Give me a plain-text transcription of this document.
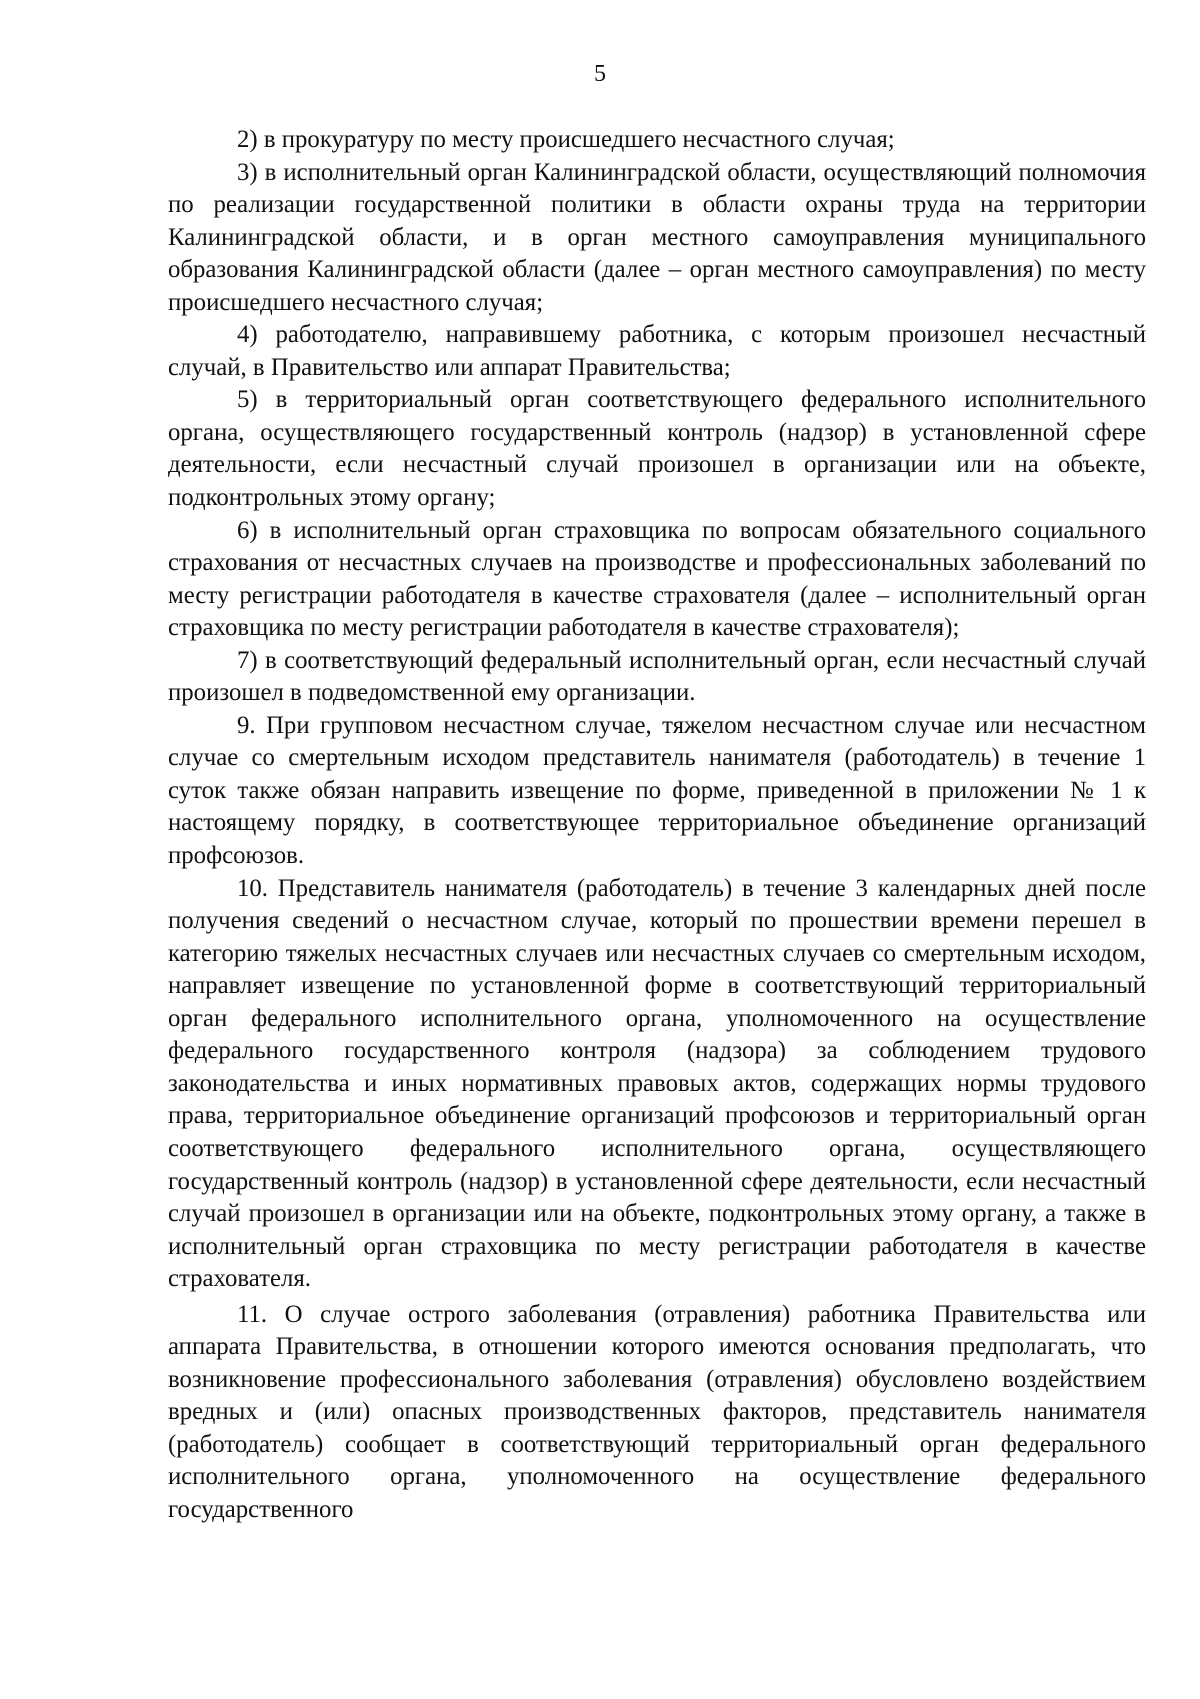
5

2) в прокуратуру по месту происшедшего несчастного случая;

3) в исполнительный орган Калининградской области, осуществляющий полномочия по реализации государственной политики в области охраны труда на территории Калининградской области, и в орган местного самоуправления муниципального образования Калининградской области (далее – орган местного самоуправления) по месту происшедшего несчастного случая;

4) работодателю, направившему работника, с которым произошел несчастный случай, в Правительство или аппарат Правительства;

5) в территориальный орган соответствующего федерального исполнительного органа, осуществляющего государственный контроль (надзор) в установленной сфере деятельности, если несчастный случай произошел в организации или на объекте, подконтрольных этому органу;

6) в исполнительный орган страховщика по вопросам обязательного социального страхования от несчастных случаев на производстве и профессиональных заболеваний по месту регистрации работодателя в качестве страхователя (далее – исполнительный орган страховщика по месту регистрации работодателя в качестве страхователя);

7) в соответствующий федеральный исполнительный орган, если несчастный случай произошел в подведомственной ему организации.

9. При групповом несчастном случае, тяжелом несчастном случае или несчастном случае со смертельным исходом представитель нанимателя (работодатель) в течение 1 суток также обязан направить извещение по форме, приведенной в приложении № 1 к настоящему порядку, в соответствующее территориальное объединение организаций профсоюзов.

10. Представитель нанимателя (работодатель) в течение 3 календарных дней после получения сведений о несчастном случае, который по прошествии времени перешел в категорию тяжелых несчастных случаев или несчастных случаев со смертельным исходом, направляет извещение по установленной форме в соответствующий территориальный орган федерального исполнительного органа, уполномоченного на осуществление федерального государственного контроля (надзора) за соблюдением трудового законодательства и иных нормативных правовых актов, содержащих нормы трудового права, территориальное объединение организаций профсоюзов и территориальный орган соответствующего федерального исполнительного органа, осуществляющего государственный контроль (надзор) в установленной сфере деятельности, если несчастный случай произошел в организации или на объекте, подконтрольных этому органу, а также в исполнительный орган страховщика по месту регистрации работодателя в качестве страхователя.

11. О случае острого заболевания (отравления) работника Правительства или аппарата Правительства, в отношении которого имеются основания предполагать, что возникновение профессионального заболевания (отравления) обусловлено воздействием вредных и (или) опасных производственных факторов, представитель нанимателя (работодатель) сообщает в соответствующий территориальный орган федерального исполнительного органа, уполномоченного на осуществление федерального государственного
